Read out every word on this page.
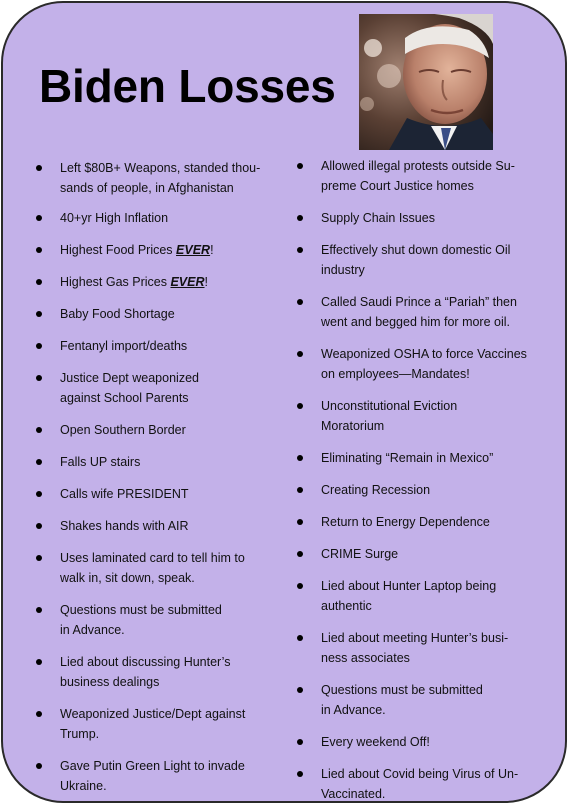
Biden Losses
Left $80B+ Weapons, standed thou-
sands of people, in Afghanistan
40+yr High Inflation
Highest Food Prices EVER!
Highest Gas Prices EVER!
Baby Food Shortage
Fentanyl import/deaths
Justice Dept weaponized
against School Parents
Open Southern Border
Falls UP stairs
Calls wife PRESIDENT
Shakes hands with AIR
Uses laminated card to tell him to
walk in, sit down, speak.
Questions must be submitted
in Advance.
Lied about discussing Hunter’s
business dealings
Weaponized Justice/Dept against
Trump.
Gave Putin Green Light to invade
Ukraine.
Allowed illegal protests outside Su-
preme Court Justice homes
Supply Chain Issues
Effectively shut down domestic Oil
industry
Called Saudi Prince a “Pariah” then
went and begged him for more oil.
Weaponized OSHA to force Vaccines
on employees—Mandates!
Unconstitutional Eviction
Moratorium
Eliminating “Remain in Mexico”
Creating Recession
Return to Energy Dependence
CRIME Surge
Lied about Hunter Laptop being
authentic
Lied about meeting Hunter’s busi-
ness associates
Questions must be submitted
in Advance.
Every weekend Off!
Lied about Covid being Virus of Un-
Vaccinated.
